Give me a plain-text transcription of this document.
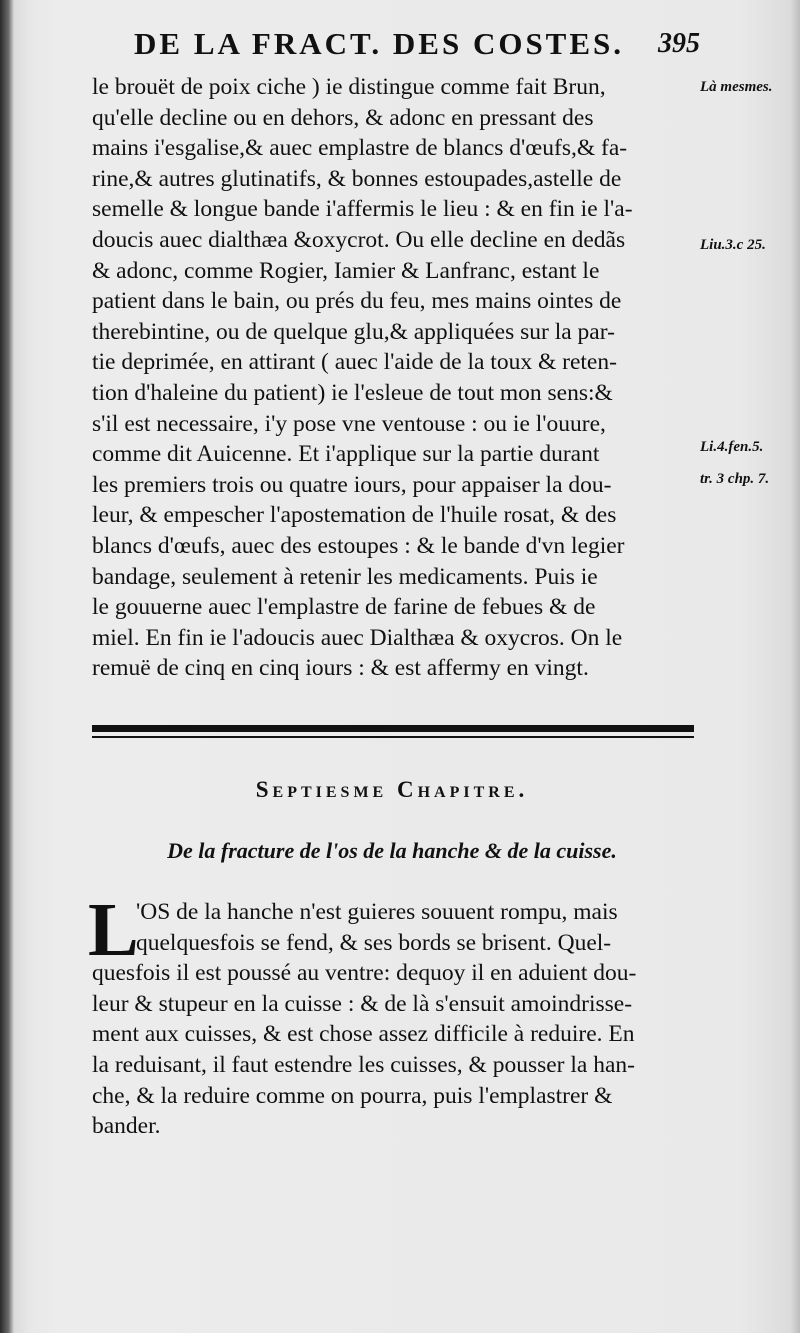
DE LA FRACT. DES COSTES. 395
le brouët de poix ciche ) ie distingue comme fait Brun,
qu'elle decline ou en dehors, & adonc en pressant des
mains i'esgalise,& auec emplastre de blancs d'œufs,& fa-
rine,& autres glutinatifs, & bonnes estoupades,astelle de
semelle & longue bande i'affermis le lieu : & en fin ie l'a-
doucis auec dialthæa &oxycrot. Ou elle decline en dedãs
& adonc, comme Rogier, Iamier & Lanfranc, estant le
patient dans le bain, ou prés du feu, mes mains ointes de
therebintine, ou de quelque glu,& appliquées sur la par-
tie deprimée, en attirant ( auec l'aide de la toux & reten-
tion d'haleine du patient) ie l'esleue de tout mon sens:&
s'il est necessaire, i'y pose vne ventouse : ou ie l'ouure,
comme dit Auicenne. Et i'applique sur la partie durant
les premiers trois ou quatre iours, pour appaiser la dou-
leur, & empescher l'apostemation de l'huile rosat, & des
blancs d'œufs, auec des estoupes : & le bande d'vn legier
bandage, seulement à retenir les medicaments. Puis ie
le gouuerne auec l'emplastre de farine de febues & de
miel. En fin ie l'adoucis auec Dialthæa & oxycros. On le
remuë de cinq en cinq iours : & est affermy en vingt.
Là mesmes.
Liu.3.c 25.
Li.4.fen.5.
tr. 3 chp. 7.
Septiesme Chapitre.
De la fracture de l'os de la hanche & de la cuisse.
L
'OS de la hanche n'est guieres souuent rompu, mais
quelquesfois se fend, & ses bords se brisent. Quel-
quesfois il est poussé au ventre: dequoy il en aduient dou-
leur & stupeur en la cuisse : & de là s'ensuit amoindrisse-
ment aux cuisses, & est chose assez difficile à reduire. En
la reduisant, il faut estendre les cuisses, & pousser la han-
che, & la reduire comme on pourra, puis l'emplastrer &
bander.
